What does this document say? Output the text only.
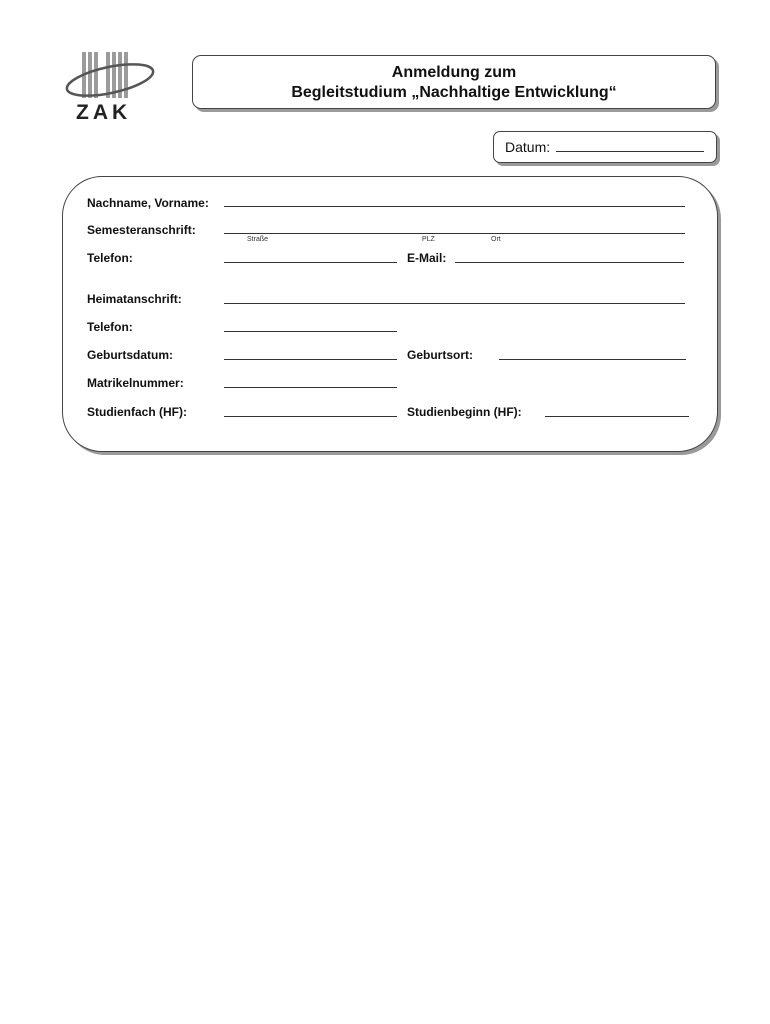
ZAK
Anmeldung zum
Begleitstudium „Nachhaltige Entwicklung“
Datum:
Nachname, Vorname:
Semesteranschrift:
Straße	PLZ	Ort
Telefon:	E-Mail:
Heimatanschrift:
Telefon:
Geburtsdatum:	Geburtsort:
Matrikelnummer:
Studienfach (HF):	Studienbeginn (HF):
